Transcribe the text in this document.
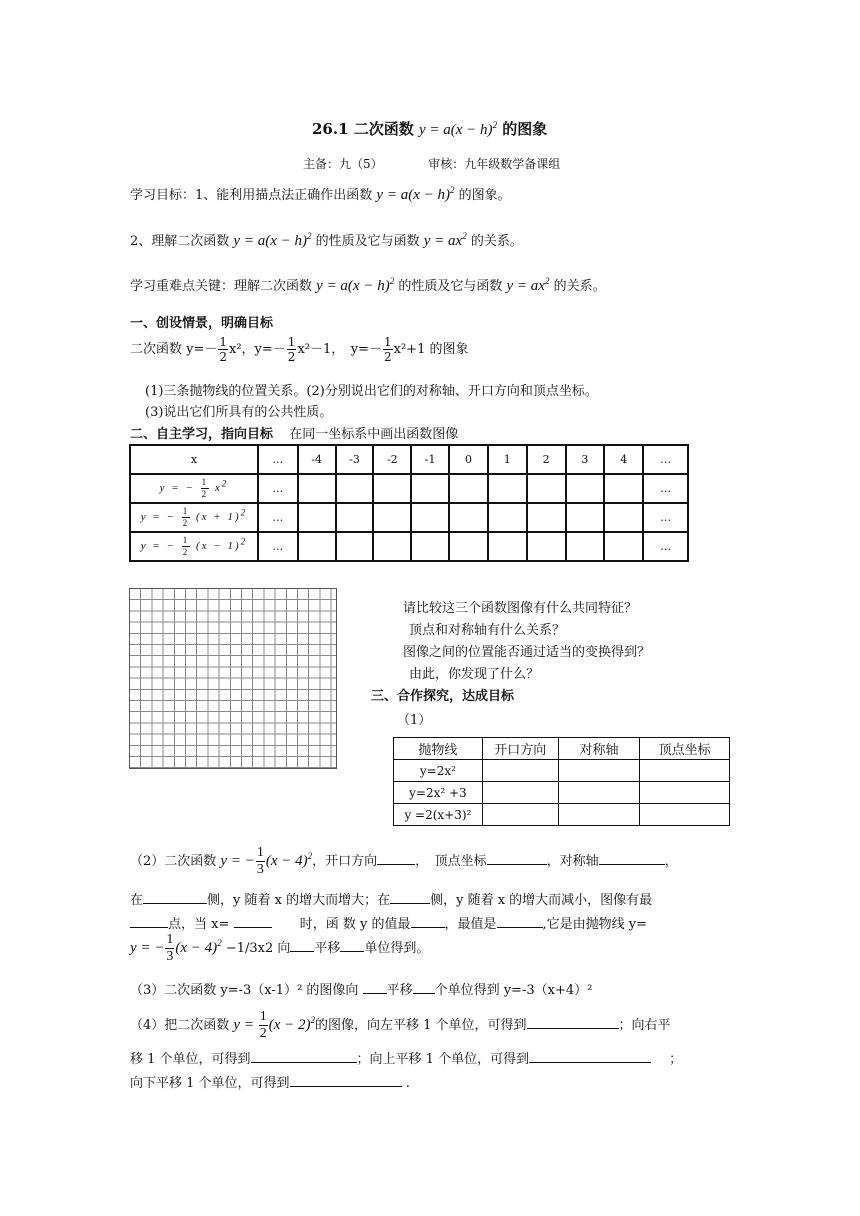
26.1 二次函数 $y = a(x - h)^2$ 的图象
主备：九（5）	审核：九年级数学备课组
学习目标：1、能利用描点法正确作出函数 $y = a(x - h)^2$ 的图象。
2、理解二次函数 $y = a(x - h)^2$ 的性质及它与函数 $y = ax^2$ 的关系。
学习重难点关键：理解二次函数 $y = a(x - h)^2$ 的性质及它与函数 $y = ax^2$ 的关系。
一、创设情景，明确目标
二次函数 $y=- \frac{1}{2} x^2$，$y=- \frac{1}{2} x^2-1$，　$y=- \frac{1}{2} x^2+1$ 的图象
(1)三条抛物线的位置关系。(2)分别说出它们的对称轴、开口方向和顶点坐标。
(3)说出它们所具有的公共性质。
二、自主学习，指向目标 在同一坐标系中画出函数图像
x	…	-4	-3	-2	-1	0	1	2	3	4	…
y = − $\frac{1}{2} x^2$	…										…
y = − $\frac{1}{2} (x + 1)^2$	…										…
y = − $\frac{1}{2} (x - 1)^2$	…										…
请比较这三个函数图像有什么共同特征？
顶点和对称轴有什么关系？
图像之间的位置能否通过适当的变换得到？
由此，你发现了什么？
三、合作探究，达成目标
（1）
抛物线	开口方向	对称轴	顶点坐标
y=2x²			
y=2x² +3			
y =2(x+3)²			
（2）二次函数 y = − $\frac{1}{3} (x - 4)^2$，开口方向	，　顶点坐标	，对称轴	，
在	侧，y 随着 x 的增大而增大；在	侧，y 随着 x 的增大而减小，图像有最
点，当 x=	时，函 数 y 的值最	，最值是	,它是由抛物线 y=
y = − $\frac{1}{3} (x - 4)^2 -1/3x2$ 向 平移 单位得到。
（3）二次函数 y=-3（x-1）² 的图像向 平移 个单位得到 y=-3（x+4）²
（4）把二次函数 $y = \frac{1}{2} (x - 2)^2$的图像，向左平移 1 个单位，可得到	；向右平
移 1 个单位，可得到	；向上平移 1 个单位，可得到	；
向下平移 1 个单位，可得到	.
